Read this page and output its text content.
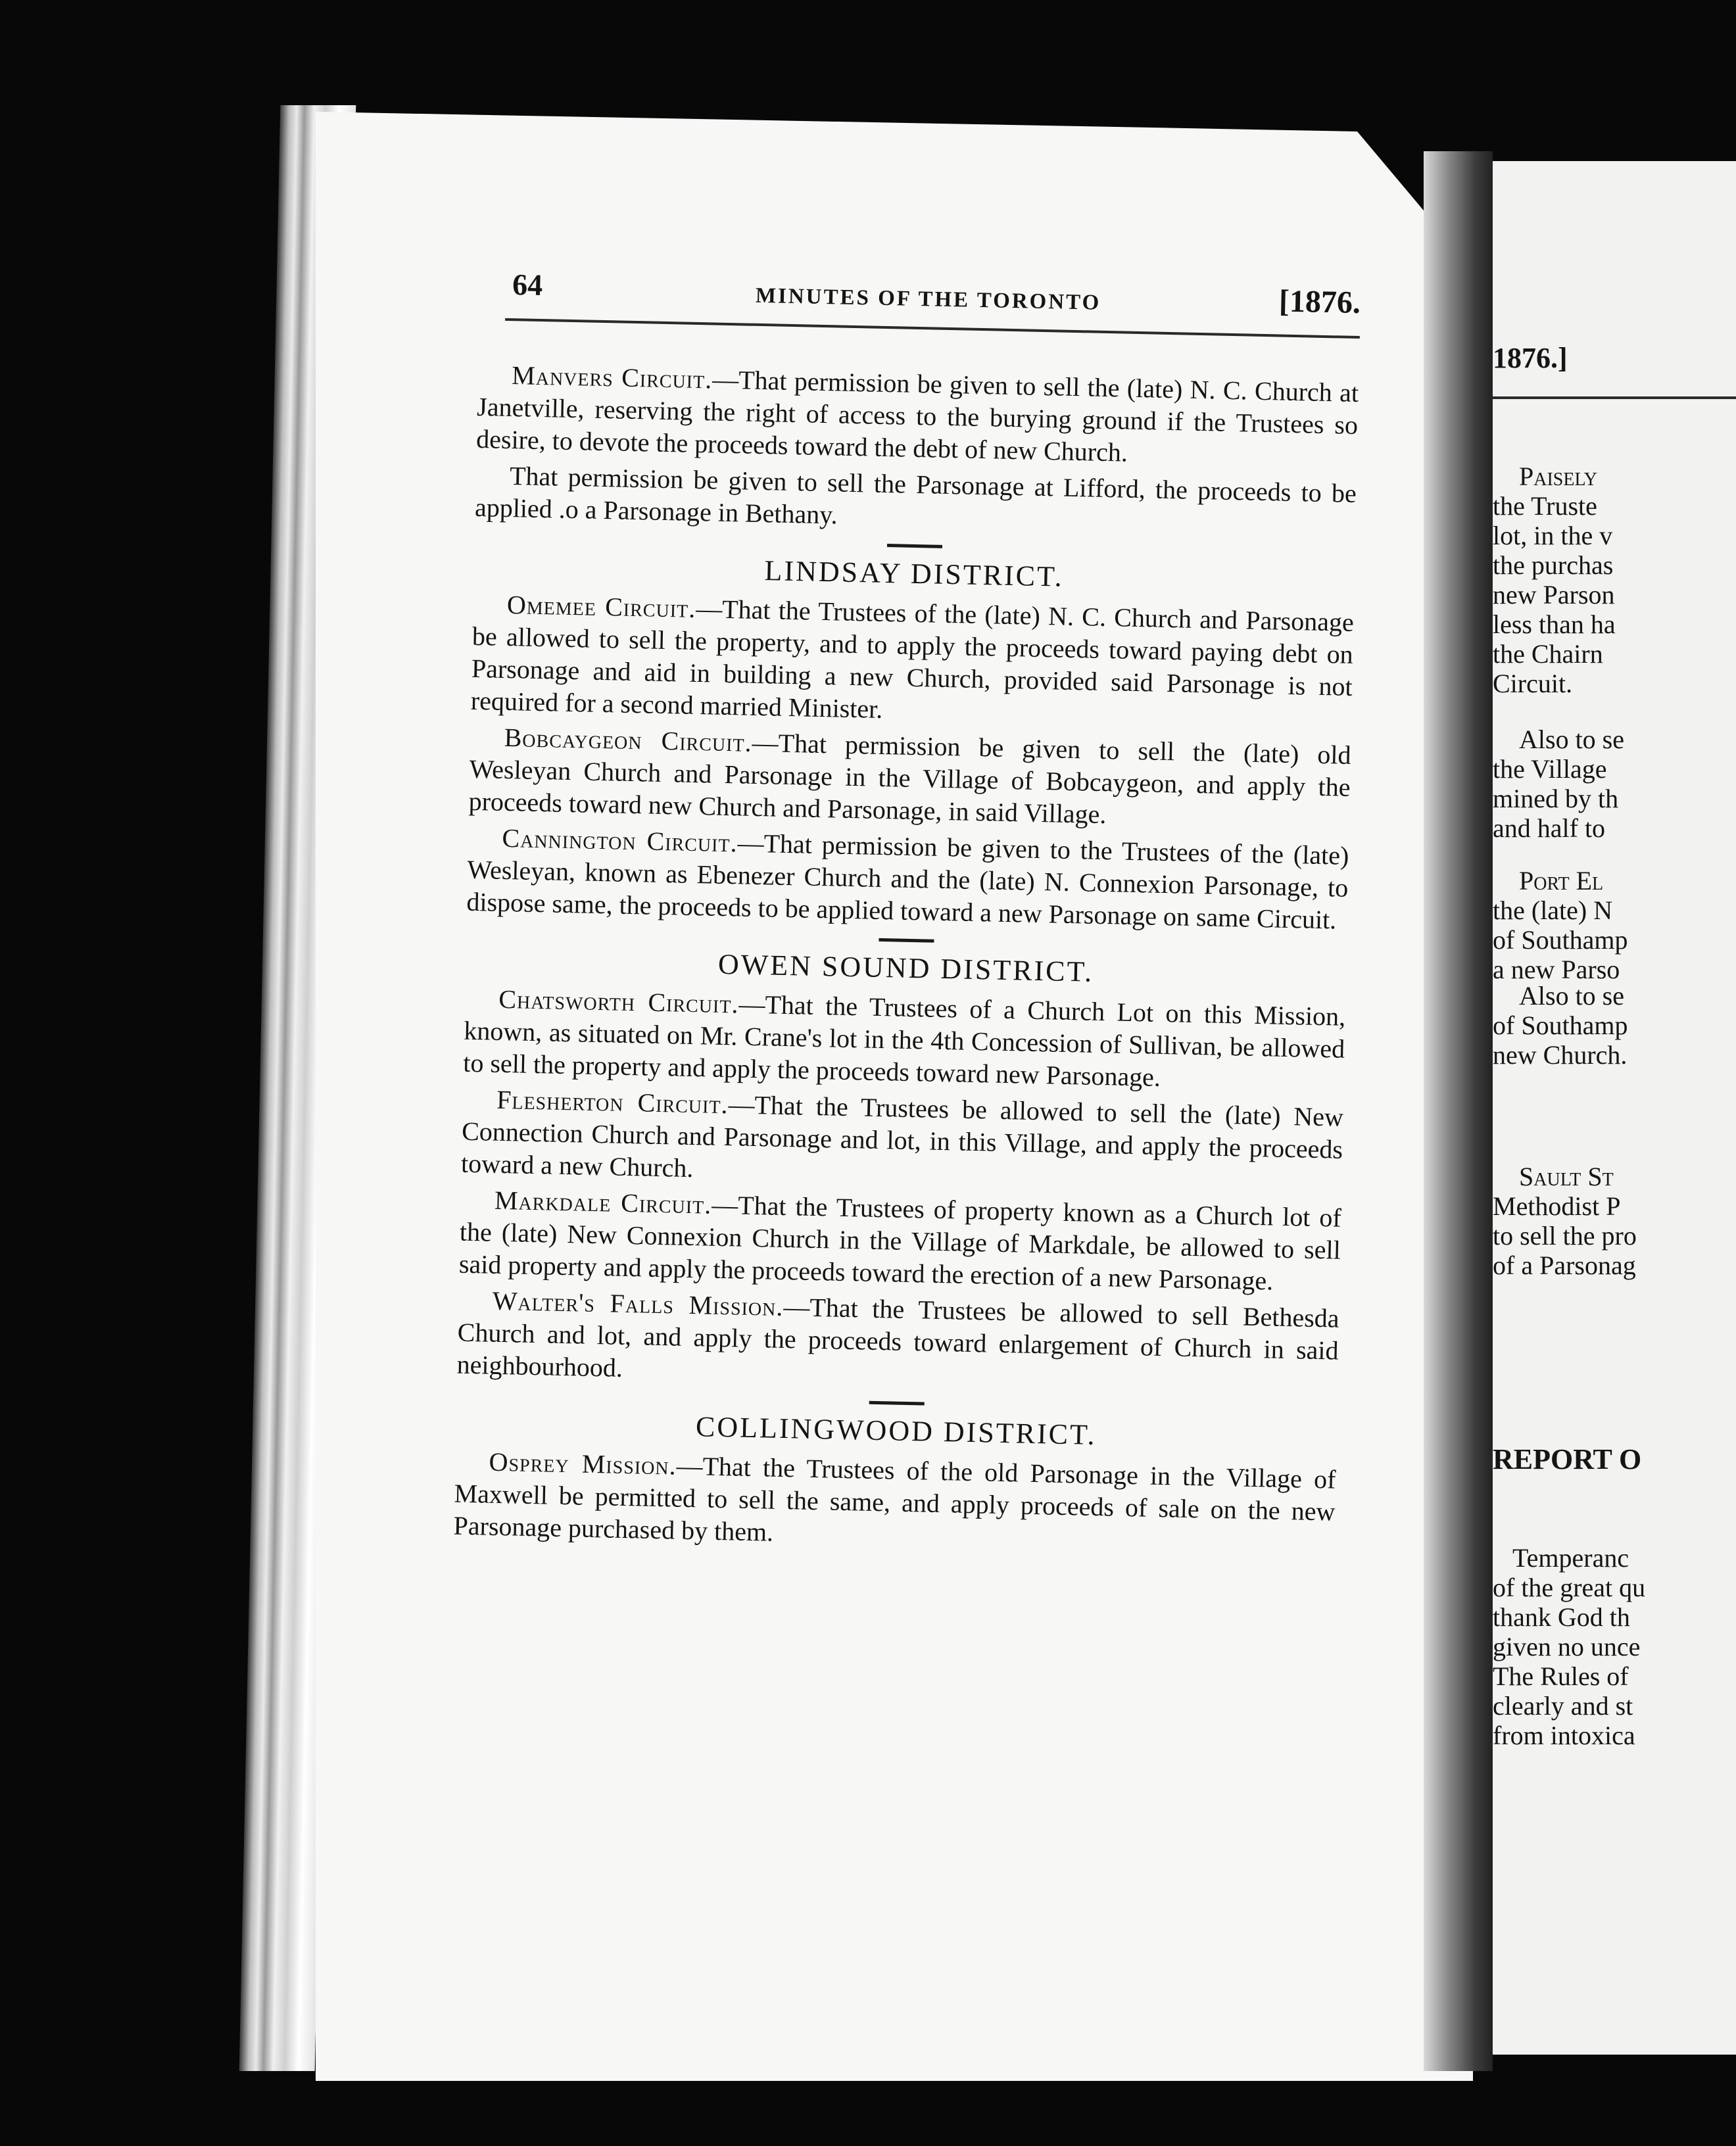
1876.]
Paisely
the Truste
lot, in the v
the purchas
new Parson
less than ha
the Chairn
Circuit.
Also to se
the Village
mined by th
and half to
Port El
the (late) N
of Southamp
a new Parso
Also to se
of Southamp
new Church.
Sault St
Methodist P
to sell the pro
of a Parsonag
REPORT O
Temperanc
of the great qu
thank God th
given no unce
The Rules of
clearly and st
from intoxica
64	MINUTES OF THE TORONTO	[1876.

Manvers Circuit.—That permission be given to sell the (late) N. C. Church at Janetville, reserving the right of access to the burying ground if the Trustees so desire, to devote the proceeds toward the debt of new Church.

That permission be given to sell the Parsonage at Lifford, the proceeds to be applied .o a Parsonage in Bethany.

LINDSAY DISTRICT.

Omemee Circuit.—That the Trustees of the (late) N. C. Church and Parsonage be allowed to sell the property, and to apply the proceeds toward paying debt on Parsonage and aid in building a new Church, provided said Parsonage is not required for a second married Minister.

Bobcaygeon Circuit.—That permission be given to sell the (late) old Wesleyan Church and Parsonage in the Village of Bobcaygeon, and apply the proceeds toward new Church and Parsonage, in said Village.

Cannington Circuit.—That permission be given to the Trustees of the (late) Wesleyan, known as Ebenezer Church and the (late) N. Connexion Parsonage, to dispose same, the proceeds to be applied toward a new Parsonage on same Circuit.

OWEN SOUND DISTRICT.

Chatsworth Circuit.—That the Trustees of a Church Lot on this Mission, known, as situated on Mr. Crane's lot in the 4th Concession of Sullivan, be allowed to sell the property and apply the proceeds toward new Parsonage.

Flesherton Circuit.—That the Trustees be allowed to sell the (late) New Connection Church and Parsonage and lot, in this Village, and apply the proceeds toward a new Church.

Markdale Circuit.—That the Trustees of property known as a Church lot of the (late) New Connexion Church in the Village of Markdale, be allowed to sell said property and apply the proceeds toward the erection of a new Parsonage.

Walter's Falls Mission.—That the Trustees be allowed to sell Bethesda Church and lot, and apply the proceeds toward enlargement of Church in said neighbourhood.

COLLINGWOOD DISTRICT.

Osprey Mission.—That the Trustees of the old Parsonage in the Village of Maxwell be permitted to sell the same, and apply proceeds of sale on the new Parsonage purchased by them.
